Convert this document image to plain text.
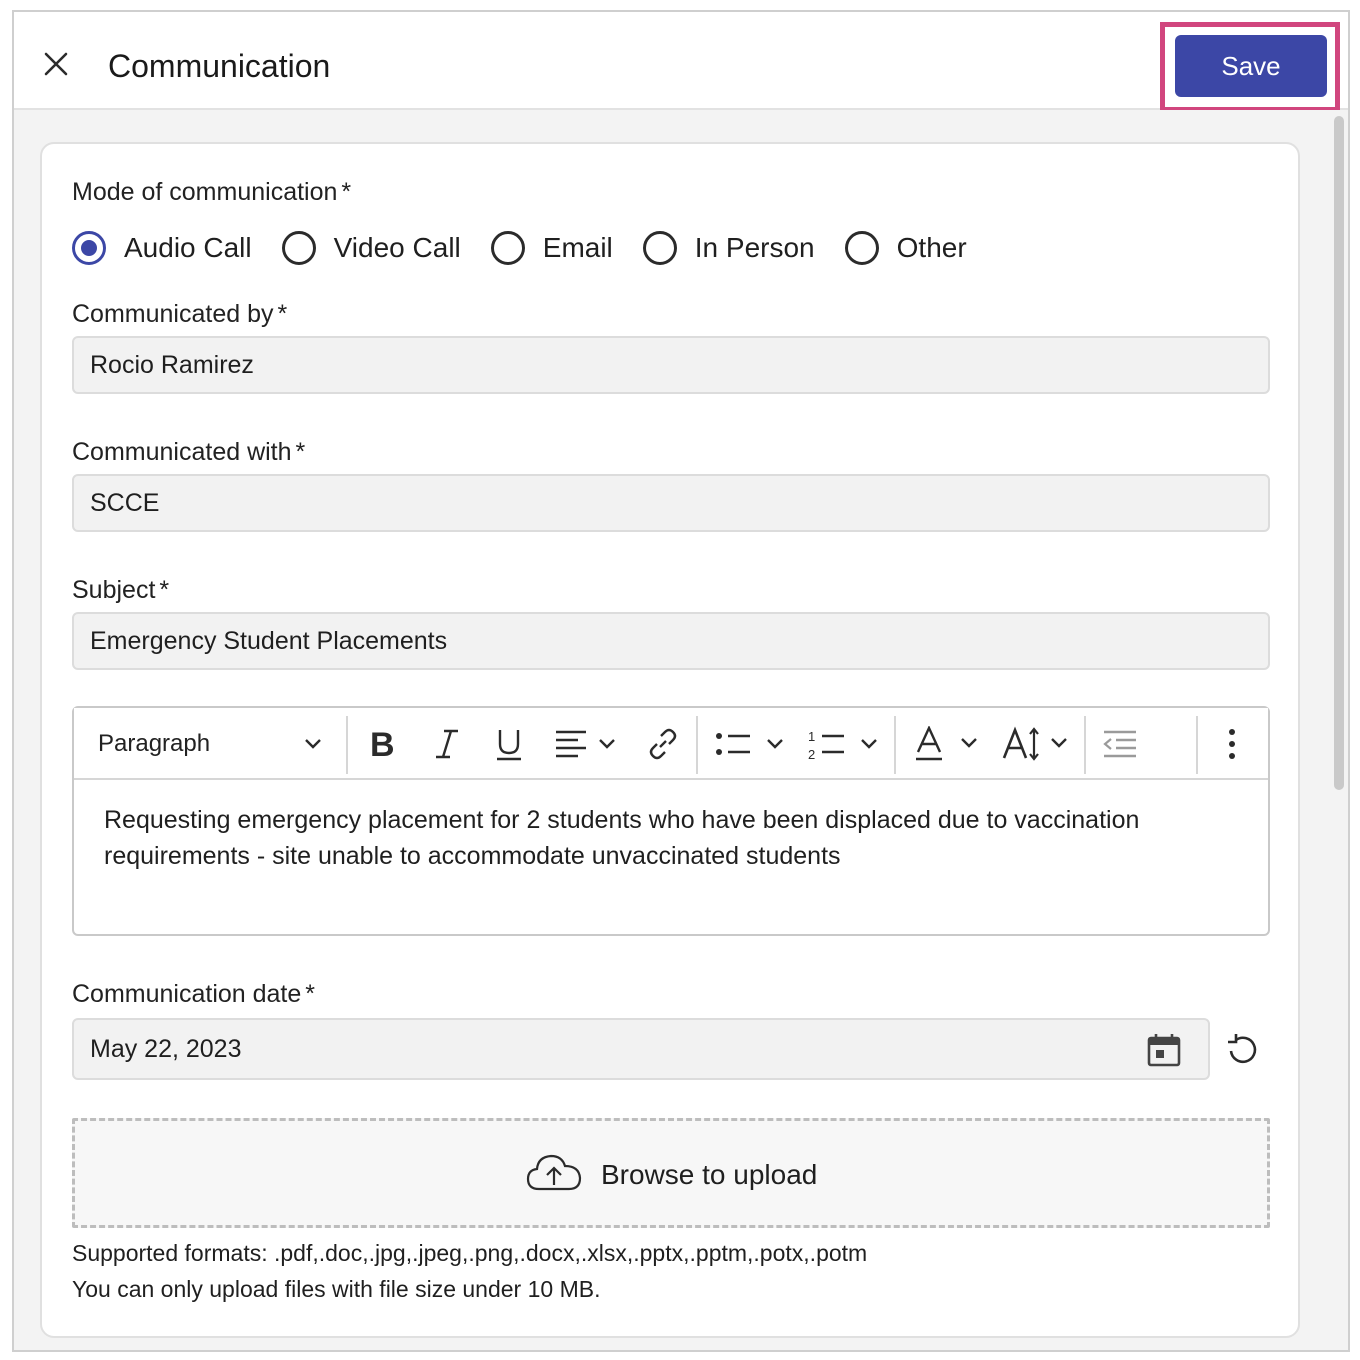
Communication	Save
Mode of communication *
Audio Call	Video Call	Email	In Person	Other
Communicated by *
Rocio Ramirez
Communicated with *
SCCE
Subject *
Emergency Student Placements
Paragraph	B	1
2
Requesting emergency placement for 2 students who have been displaced due to vaccination requirements - site unable to accommodate unvaccinated students
Communication date *
May 22, 2023
Browse to upload
Supported formats: .pdf,.doc,.jpg,.jpeg,.png,.docx,.xlsx,.pptx,.pptm,.potx,.potm
You can only upload files with file size under 10 MB.
